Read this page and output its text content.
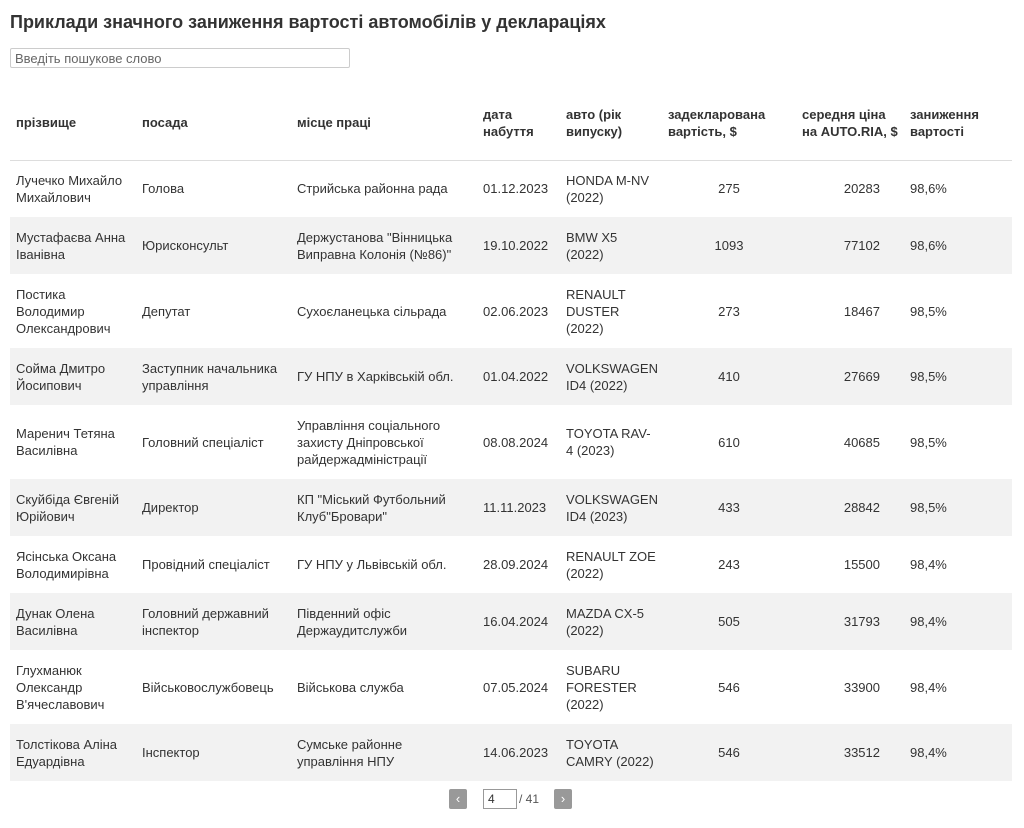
Приклади значного заниження вартості автомобілів у деклараціях
Введіть пошукове слово
прізвище	посада	місце праці	дата набуття	авто (рік випуску)	задекларована вартість, $	середня ціна на AUTO.RIA, $	заниження вартості
Лучечко Михайло Михайлович	Голова	Стрийська районна рада	01.12.2023	HONDA M-NV (2022)	275	20283	98,6%
Мустафаєва Анна Іванівна	Юрисконсульт	Держустанова "Вінницька Виправна Колонія (№86)"	19.10.2022	BMW X5 (2022)	1093	77102	98,6%
Постика Володимир Олександрович	Депутат	Сухоєланецька сільрада	02.06.2023	RENAULT DUSTER (2022)	273	18467	98,5%
Сойма Дмитро Йосипович	Заступник начальника управління	ГУ НПУ в Харківській обл.	01.04.2022	VOLKSWAGEN ID4 (2022)	410	27669	98,5%
Маренич Тетяна Василівна	Головний спеціаліст	Управління соціального захисту Дніпровської райдержадміністрації	08.08.2024	TOYOTA RAV-4 (2023)	610	40685	98,5%
Скуйбіда Євгеній Юрійович	Директор	КП "Міський Футбольний Клуб"Бровари"	11.11.2023	VOLKSWAGEN ID4 (2023)	433	28842	98,5%
Ясінська Оксана Володимирівна	Провідний спеціаліст	ГУ НПУ у Львівській обл.	28.09.2024	RENAULT ZOE (2022)	243	15500	98,4%
Дунак Олена Василівна	Головний державний інспектор	Південний офіс Держаудитслужби	16.04.2024	MAZDA CX-5 (2022)	505	31793	98,4%
Глухманюк Олександр В'ячеславович	Військовослужбовець	Військова служба	07.05.2024	SUBARU FORESTER (2022)	546	33900	98,4%
Толстікова Аліна Едуардівна	Інспектор	Сумське районне управління НПУ	14.06.2023	TOYOTA CAMRY (2022)	546	33512	98,4%
‹
4	/ 41	›
